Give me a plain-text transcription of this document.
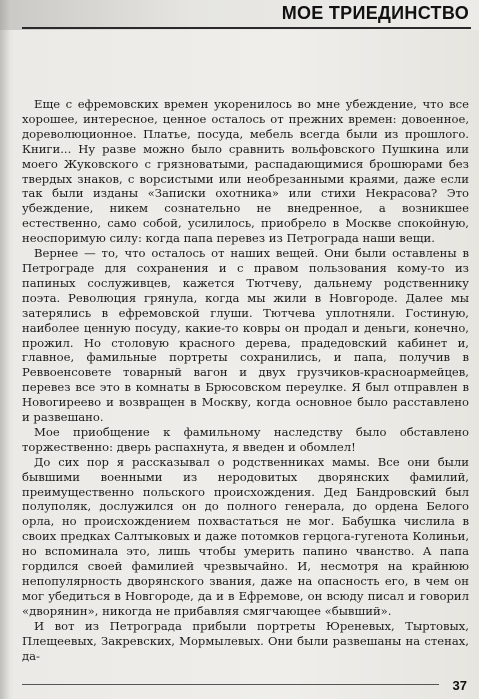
МОЕ ТРИЕДИНСТВО

Еще с ефремовских времен укоренилось во мне убеждение, что все хорошее, интересное, ценное осталось от прежних времен: довоенное, дореволюционное. Платье, посуда, мебель всегда были из прошлого. Книги... Ну разве можно было сравнить вольфовского Пушкина или моего Жуковского с грязноватыми, распадающимися брошюрами без твердых знаков, с ворсистыми или необрезанными краями, даже если так были изданы «Записки охотника» или стихи Некрасова? Это убеждение, никем сознательно не внедренное, а возникшее естественно, само собой, усилилось, приобрело в Москве спокойную, неоспоримую силу: когда папа перевез из Петрограда наши вещи.

Вернее — то, что осталось от наших вещей. Они были оставлены в Петрограде для сохранения и с правом пользования кому-то из папиных сослуживцев, кажется Тютчеву, дальнему родственнику поэта. Революция грянула, когда мы жили в Новгороде. Далее мы затерялись в ефремовской глуши. Тютчева уплотняли. Гостиную, наиболее ценную посуду, какие-то ковры он продал и деньги, конечно, прожил. Но столовую красного дерева, прадедовский кабинет и, главное, фамильные портреты сохранились, и папа, получив в Реввоенсовете товарный вагон и двух грузчиков-красноармейцев, перевез все это в комнаты в Брюсовском переулке. Я был отправлен в Новогиреево и возвращен в Москву, когда основное было расставлено и развешано.

Мое приобщение к фамильному наследству было обставлено торжественно: дверь распахнута, я введен и обомлел!

До сих пор я рассказывал о родственниках мамы. Все они были бывшими военными из неродовитых дворянских фамилий, преимущественно польского происхождения. Дед Бандровский был полуполяк, дослужился он до полного генерала, до ордена Белого орла, но происхождением похвастаться не мог. Бабушка числила в своих предках Салтыковых и даже потомков герцога-гугенота Колиньи, но вспоминала это, лишь чтобы умерить папино чванство. А папа гордился своей фамилией чрезвычайно. И, несмотря на крайнюю непопулярность дворянского звания, даже на опасность его, в чем он мог убедиться в Новгороде, да и в Ефремове, он всюду писал и говорил «дворянин», никогда не прибавляя смягчающее «бывший».

И вот из Петрограда прибыли портреты Юреневых, Тыртовых, Плещеевых, Закревских, Мормылевых. Они были развешаны на стенах, да-

37
